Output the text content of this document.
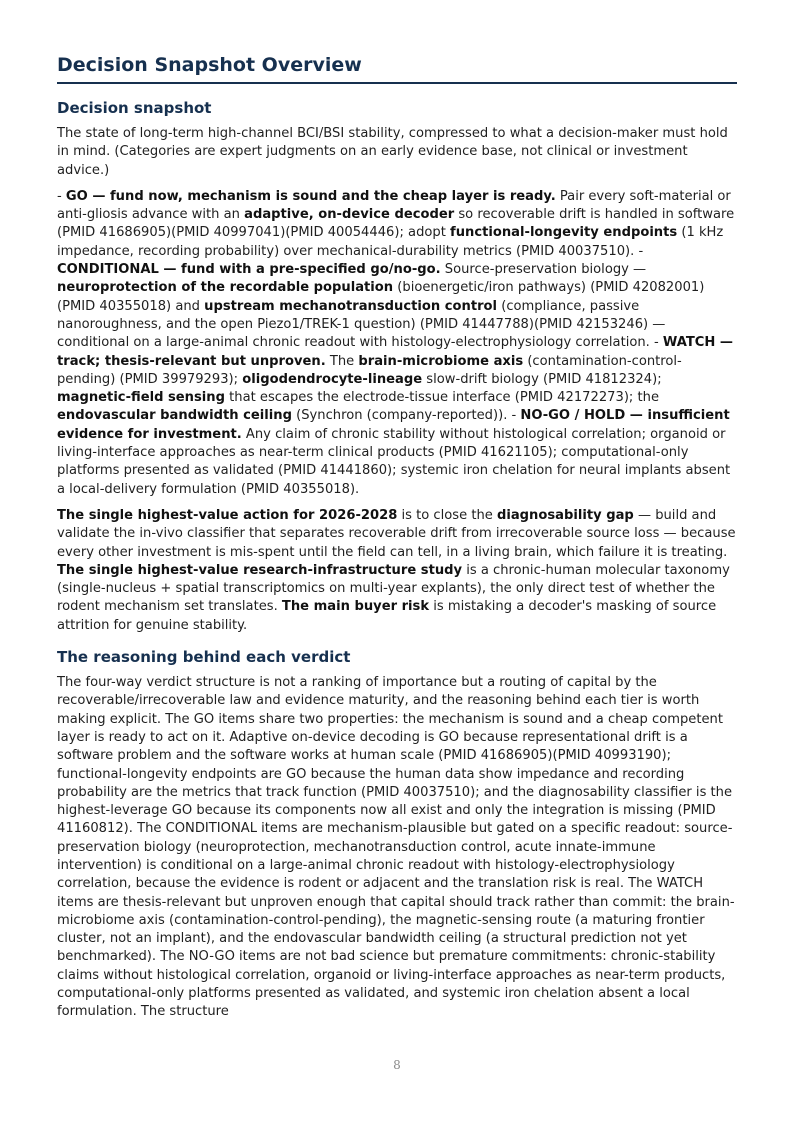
Decision Snapshot Overview
Decision snapshot

The state of long-term high-channel BCI/BSI stability, compressed to what a decision-maker must hold in mind. (Categories are expert judgments on an early evidence base, not clinical or investment advice.)

- GO — fund now, mechanism is sound and the cheap layer is ready. Pair every soft-material or anti-gliosis advance with an adaptive, on-device decoder so recoverable drift is handled in software (PMID 41686905)(PMID 40997041)(PMID 40054446); adopt functional-longevity endpoints (1 kHz impedance, recording probability) over mechanical-durability metrics (PMID 40037510). - CONDITIONAL — fund with a pre-specified go/no-go. Source-preservation biology — neuroprotection of the recordable population (bioenergetic/iron pathways) (PMID 42082001)(PMID 40355018) and upstream mechanotransduction control (compliance, passive nanoroughness, and the open Piezo1/TREK-1 question) (PMID 41447788)(PMID 42153246) — conditional on a large-animal chronic readout with histology-electrophysiology correlation. - WATCH — track; thesis-relevant but unproven. The brain-microbiome axis (contamination-control-pending) (PMID 39979293); oligodendrocyte-lineage slow-drift biology (PMID 41812324); magnetic-field sensing that escapes the electrode-tissue interface (PMID 42172273); the endovascular bandwidth ceiling (Synchron (company-reported)). - NO-GO / HOLD — insufficient evidence for investment. Any claim of chronic stability without histological correlation; organoid or living-interface approaches as near-term clinical products (PMID 41621105); computational-only platforms presented as validated (PMID 41441860); systemic iron chelation for neural implants absent a local-delivery formulation (PMID 40355018).

The single highest-value action for 2026-2028 is to close the diagnosability gap — build and validate the in-vivo classifier that separates recoverable drift from irrecoverable source loss — because every other investment is mis-spent until the field can tell, in a living brain, which failure it is treating. The single highest-value research-infrastructure study is a chronic-human molecular taxonomy (single-nucleus + spatial transcriptomics on multi-year explants), the only direct test of whether the rodent mechanism set translates. The main buyer risk is mistaking a decoder's masking of source attrition for genuine stability.

The reasoning behind each verdict

The four-way verdict structure is not a ranking of importance but a routing of capital by the recoverable/irrecoverable law and evidence maturity, and the reasoning behind each tier is worth making explicit. The GO items share two properties: the mechanism is sound and a cheap competent layer is ready to act on it. Adaptive on-device decoding is GO because representational drift is a software problem and the software works at human scale (PMID 41686905)(PMID 40993190); functional-longevity endpoints are GO because the human data show impedance and recording probability are the metrics that track function (PMID 40037510); and the diagnosability classifier is the highest-leverage GO because its components now all exist and only the integration is missing (PMID 41160812). The CONDITIONAL items are mechanism-plausible but gated on a specific readout: source-preservation biology (neuroprotection, mechanotransduction control, acute innate-immune intervention) is conditional on a large-animal chronic readout with histology-electrophysiology correlation, because the evidence is rodent or adjacent and the translation risk is real. The WATCH items are thesis-relevant but unproven enough that capital should track rather than commit: the brain-microbiome axis (contamination-control-pending), the magnetic-sensing route (a maturing frontier cluster, not an implant), and the endovascular bandwidth ceiling (a structural prediction not yet benchmarked). The NO-GO items are not bad science but premature commitments: chronic-stability claims without histological correlation, organoid or living-interface approaches as near-term products, computational-only platforms presented as validated, and systemic iron chelation absent a local formulation. The structure

8
